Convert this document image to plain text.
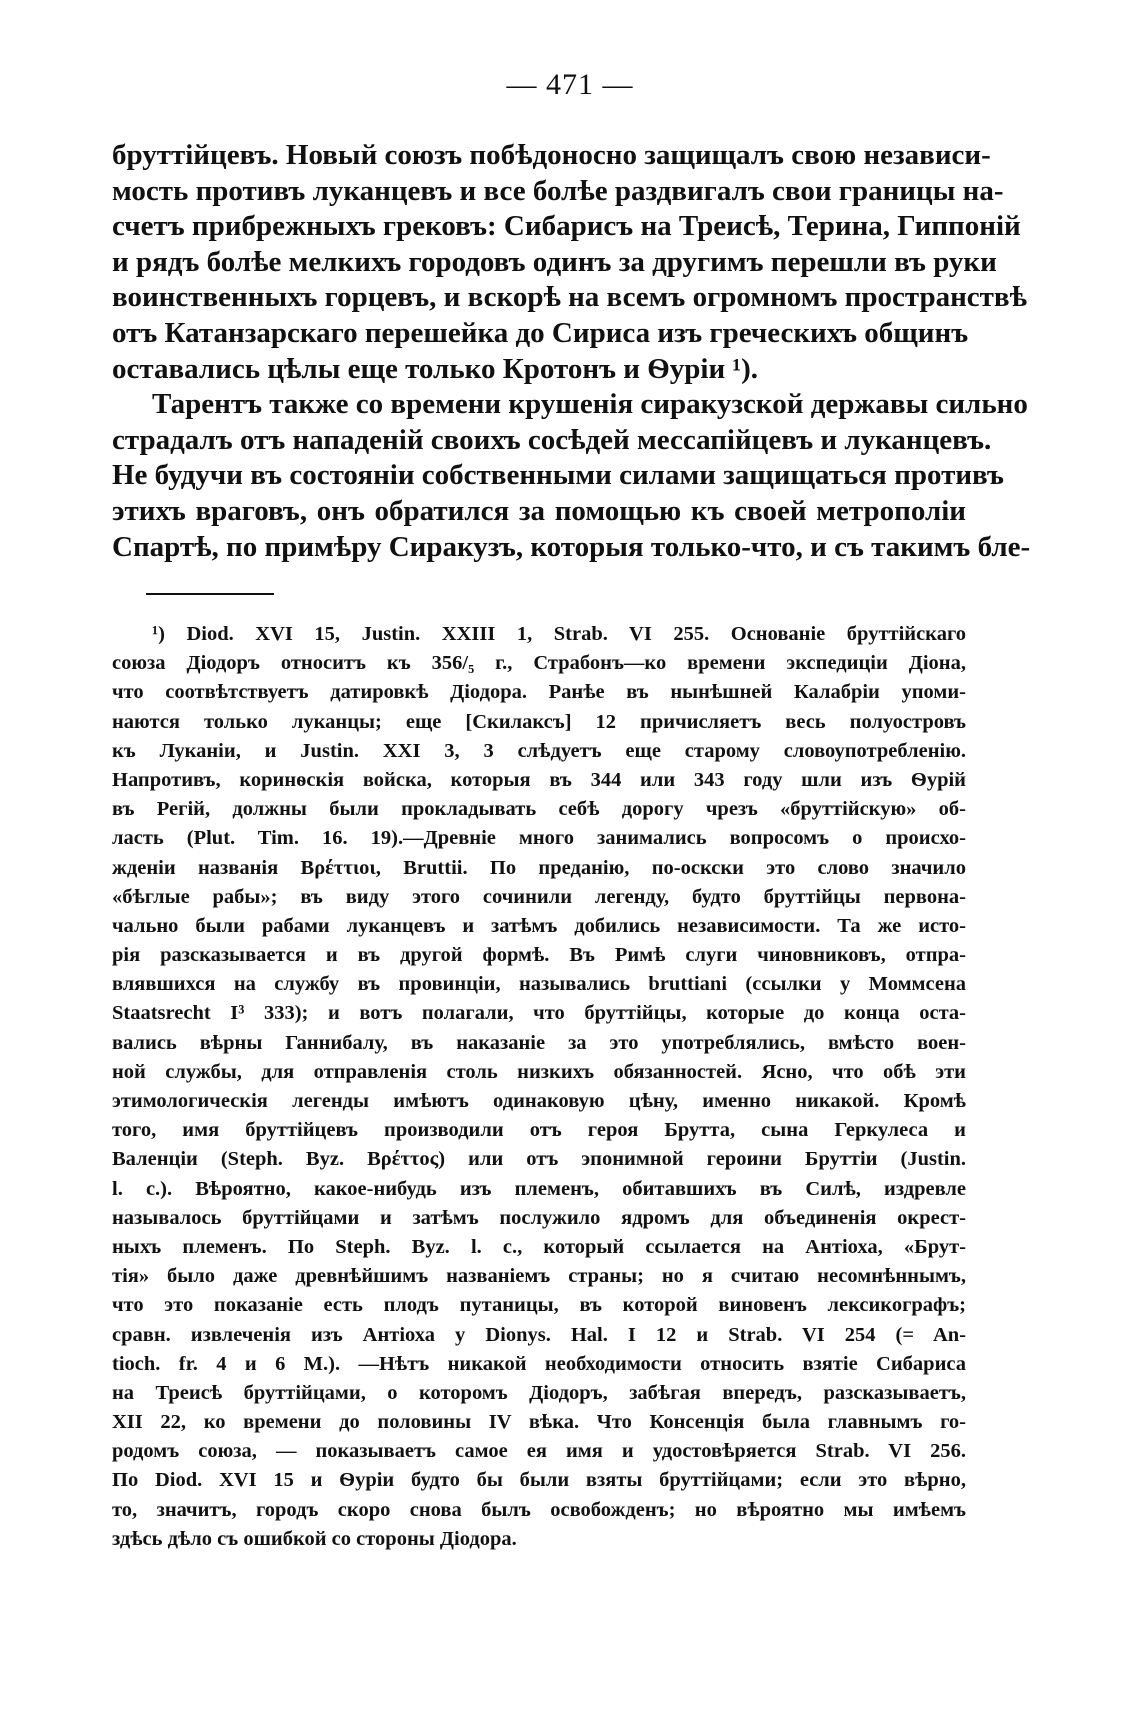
— 471 —
бруттійцевъ. Новый союзъ побѣдоносно защищалъ свою независи-
мость противъ луканцевъ и все болѣе раздвигалъ свои границы на-
счетъ прибрежныхъ грековъ: Сибарисъ на Треисѣ, Терина, Гиппоній
и рядъ болѣе мелкихъ городовъ одинъ за другимъ перешли въ руки
воинственныхъ горцевъ, и вскорѣ на всемъ огромномъ пространствѣ
отъ Катанзарскаго перешейка до Сириса изъ греческихъ общинъ
оставались цѣлы еще только Кротонъ и Ѳуріи ¹).
Тарентъ также со времени крушенія сиракузской державы сильно
страдалъ отъ нападеній своихъ сосѣдей мессапійцевъ и луканцевъ.
Не будучи въ состояніи собственными силами защищаться противъ
этихъ враговъ, онъ обратился за помощью къ своей метрополіи
Спартѣ, по примѣру Сиракузъ, которыя только-что, и съ такимъ бле-
¹) Diod. XVI 15, Justin. XXIII 1, Strab. VI 255. Основаніе бруттійскаго
союза Діодоръ относитъ къ 356/₅ г., Страбонъ—ко времени экспедиціи Діона,
что соотвѣтствуетъ датировкѣ Діодора. Ранѣе въ нынѣшней Калабріи упоми-
наются только луканцы; еще [Скилаксъ] 12 причисляетъ весь полуостровъ
къ Луканіи, и Justin. XXI 3, 3 слѣдуетъ еще старому словоупотребленію.
Напротивъ, коринѳскія войска, которыя въ 344 или 343 году шли изъ Ѳурій
въ Регій, должны были прокладывать себѣ дорогу чрезъ «бруттійскую» об-
ласть (Plut. Tim. 16. 19).—Древніе много занимались вопросомъ о происхо-
жденіи названія Βρέττιοι, Bruttii. По преданію, по-оскски это слово значило
«бѣглые рабы»; въ виду этого сочинили легенду, будто бруттійцы первона-
чально были рабами луканцевъ и затѣмъ добились независимости. Та же исто-
рія разсказывается и въ другой формѣ. Въ Римѣ слуги чиновниковъ, отпра-
влявшихся на службу въ провинціи, назывались bruttiani (ссылки у Моммсена
Staatsrecht I³ 333); и вотъ полагали, что бруттійцы, которые до конца оста-
вались вѣрны Ганнибалу, въ наказаніе за это употреблялись, вмѣсто воен-
ной службы, для отправленія столь низкихъ обязанностей. Ясно, что обѣ эти
этимологическія легенды имѣютъ одинаковую цѣну, именно никакой. Кромѣ
того, имя бруттійцевъ производили отъ героя Брутта, сына Геркулеса и
Валенціи (Steph. Byz. Βρέττος) или отъ эпонимной героини Бруттіи (Justin.
l. c.). Вѣроятно, какое-нибудь изъ племенъ, обитавшихъ въ Силѣ, издревле
называлось бруттійцами и затѣмъ послужило ядромъ для объединенія окрест-
ныхъ племенъ. По Steph. Byz. l. c., который ссылается на Антіоха, «Брут-
тія» было даже древнѣйшимъ названіемъ страны; но я считаю несомнѣннымъ,
что это показаніе есть плодъ путаницы, въ которой виновенъ лексикографъ;
сравн. извлеченія изъ Антіоха у Dionys. Hal. I 12 и Strab. VI 254 (= An-
tioch. fr. 4 и 6 M.). —Нѣтъ никакой необходимости относить взятіе Сибариса
на Треисѣ бруттійцами, о которомъ Діодоръ, забѣгая впередъ, разсказываетъ,
XII 22, ко времени до половины IV вѣка. Что Консенція была главнымъ го-
родомъ союза, — показываетъ самое ея имя и удостовѣряется Strab. VI 256.
По Diod. XVI 15 и Ѳуріи будто бы были взяты бруттійцами; если это вѣрно,
то, значитъ, городъ скоро снова былъ освобожденъ; но вѣроятно мы имѣемъ
здѣсь дѣло съ ошибкой со стороны Діодора.
